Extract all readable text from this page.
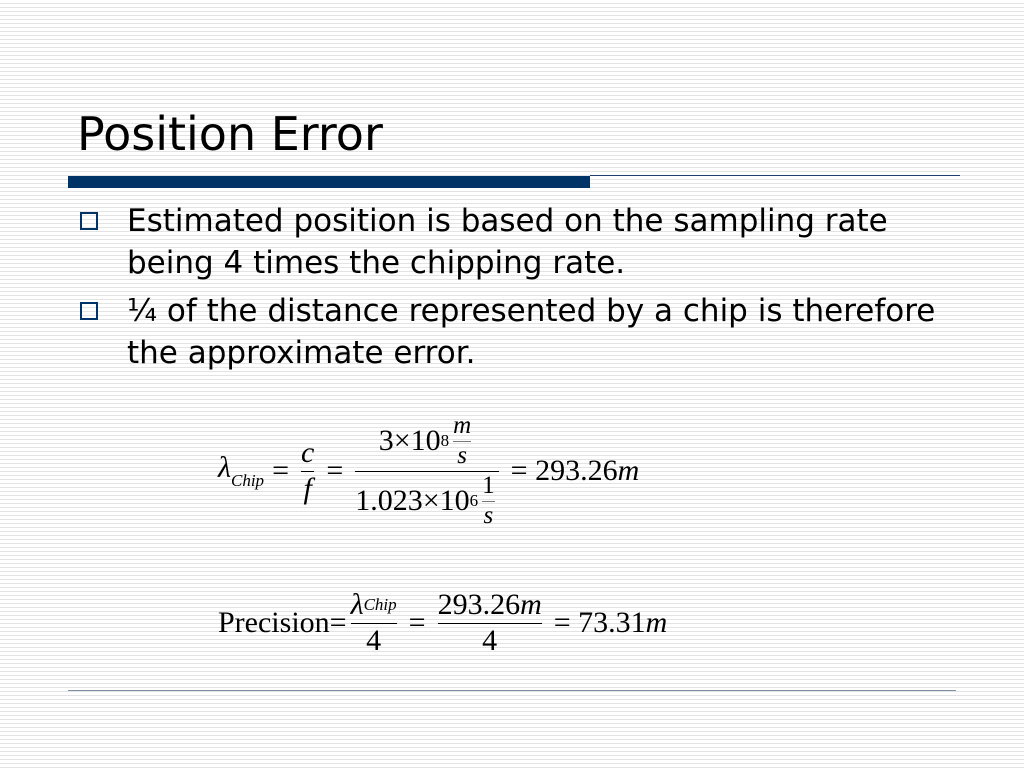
Position Error
Estimated position is based on the sampling rate being 4 times the chipping rate.
¼ of the distance represented by a chip is therefore the approximate error.
$\lambda_{Chip} = \frac{c}{f} = \frac{3\times 10 8 \frac{m}{s}}{1.023\times 10 6 \frac{1}{s}} = 293.26$ m
Precision = $\frac{\text{λ Chip}}{4} = \frac{293.26 m}{4} = 73.31$ m
